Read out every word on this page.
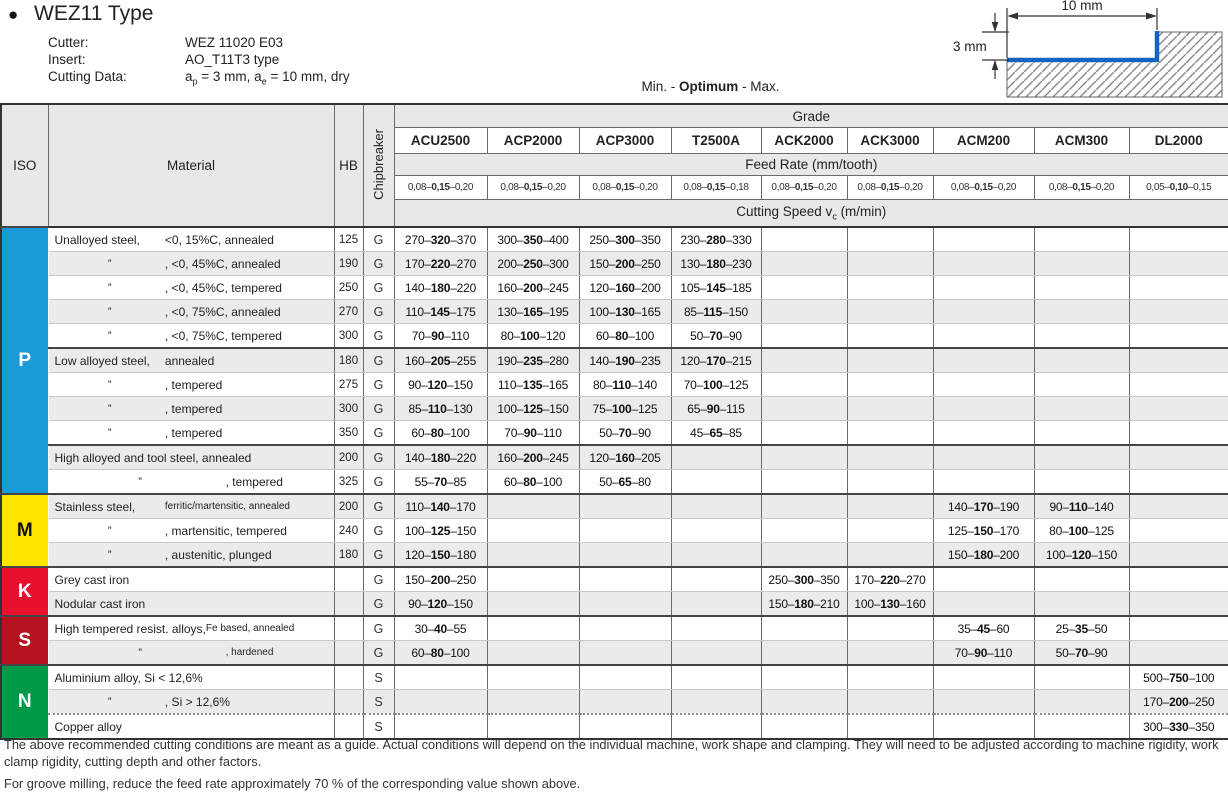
● WEZ11 Type
Cutter:	WEZ 11020 E03
Insert:	AO_T11T3 type
Cutting Data:	$a_p = 3$ mm, $a_e = 10$ mm, dry
Min. - Optimum - Max.
10 mm
3 mm
ISO	Material	HB	Chipbreaker	Grade								
				ACU2500	ACP2000	ACP3000	T2500A	ACK2000	ACK3000	ACM200	ACM300	DL2000
				Feed Rate (mm/tooth)								
				0,08–0,15–0,20	0,08–0,15–0,20	0,08–0,15–0,20	0,08–0,15–0,18	0,08–0,15–0,20	0,08–0,15–0,20	0,08–0,15–0,20	0,08–0,15–0,20	0,05–0,10–0,15
				Cutting Speed $v_c$ (m/min)								
P	Unalloyed steel, <0, 15%C, annealed	125	G	270–320–370	300–350–400	250–300–350	230–280–330					

	” , <0, 45%C, annealed	190	G	170–220–270	200–250–300	150–200–250	130–180–230					

	” , <0, 45%C, tempered	250	G	140–180–220	160–200–245	120–160–200	105–145–185					

	” , <0, 75%C, annealed	270	G	110–145–175	130–165–195	100–130–165	85–115–150					

	” , <0, 75%C, tempered	300	G	70–90–110	80–100–120	60–80–100	50–70–90					

	Low alloyed steel, annealed	180	G	160–205–255	190–235–280	140–190–235	120–170–215					

	” , tempered	275	G	90–120–150	110–135–165	80–110–140	70–100–125					

	” , tempered	300	G	85–110–130	100–125–150	75–100–125	65–90–115					

	” , tempered	350	G	60–80–100	70–90–110	50–70–90	45–65–85					

	High alloyed and tool steel, annealed	200	G	140–180–220	160–200–245	120–160–205						

	” , tempered	325	G	55–70–85	60–80–100	50–65–80						
M	Stainless steel, ferritic/martensitic, annealed	200	G	110–140–170						140–170–190	90–110–140	

	” , martensitic, tempered	240	G	100–125–150						125–150–170	80–100–125	

	” , austenitic, plunged	180	G	120–150–180						150–180–200	100–120–150	
K	Grey cast iron		G	150–200–250				250–300–350	170–220–270			

	Nodular cast iron		G	90–120–150				150–180–210	100–130–160			
S	High tempered resist. alloys, Fe based, annealed		G	30–40–55						35–45–60	25–35–50	

	” , hardened		G	60–80–100						70–90–110	50–70–90	
N	Aluminium alloy, Si < 12,6%		S									500–750–100

	” , Si > 12,6%		S									170–200–250

	Copper alloy		S									300–330–350

The above recommended cutting conditions are meant as a guide. Actual conditions will depend on the individual machine, work shape and clamping. They will need to be adjusted according to machine rigidity, work clamp rigidity, cutting depth and other factors.

For groove milling, reduce the feed rate approximately 70 % of the corresponding value shown above.
